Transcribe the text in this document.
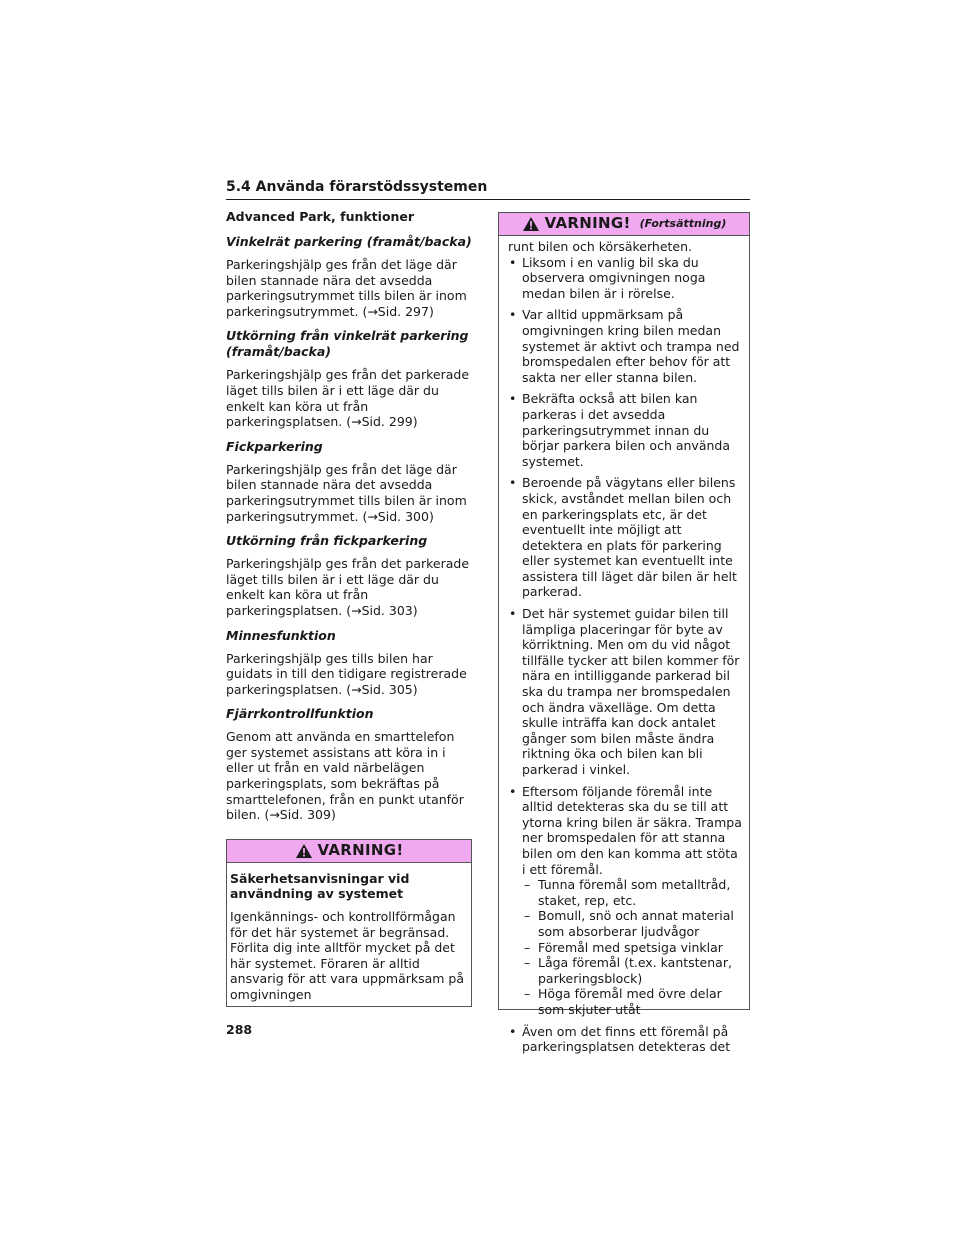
5.4 Använda förarstödssystemen
Advanced Park, funktioner
Vinkelrät parkering (framåt/backa)

Parkeringshjälp ges från det läge där bilen stannade nära det avsedda parkeringsutrymmet tills bilen är inom parkeringsutrymmet. (→Sid. 297)

Utkörning från vinkelrät parkering (framåt/backa)

Parkeringshjälp ges från det parkerade läget tills bilen är i ett läge där du enkelt kan köra ut från parkeringsplatsen. (→Sid. 299)

Fickparkering

Parkeringshjälp ges från det läge där bilen stannade nära det avsedda parkeringsutrymmet tills bilen är inom parkeringsutrymmet. (→Sid. 300)

Utkörning från fickparkering

Parkeringshjälp ges från det parkerade läget tills bilen är i ett läge där du enkelt kan köra ut från parkeringsplatsen. (→Sid. 303)

Minnesfunktion

Parkeringshjälp ges tills bilen har guidats in till den tidigare registrerade parkeringsplatsen. (→Sid. 305)

Fjärrkontrollfunktion

Genom att använda en smarttelefon ger systemet assistans att köra in i eller ut från en vald närbelägen parkeringsplats, som bekräftas på smarttelefonen, från en punkt utanför bilen. (→Sid. 309)

VARNING!
Säkerhetsanvisningar vid användning av systemet

Igenkännings- och kontrollförmågan för det här systemet är begränsad. Förlita dig inte alltför mycket på det här systemet. Föraren är alltid ansvarig för att vara uppmärksam på omgivningen

VARNING! (Fortsättning)

runt bilen och körsäkerheten.

• Liksom i en vanlig bil ska du observera omgivningen noga medan bilen är i rörelse.
• Var alltid uppmärksam på omgivningen kring bilen medan systemet är aktivt och trampa ned bromspedalen efter behov för att sakta ner eller stanna bilen.
• Bekräfta också att bilen kan parkeras i det avsedda parkeringsutrymmet innan du börjar parkera bilen och använda systemet.
• Beroende på vägytans eller bilens skick, avståndet mellan bilen och en parkeringsplats etc, är det eventuellt inte möjligt att detektera en plats för parkering eller systemet kan eventuellt inte assistera till läget där bilen är helt parkerad.
• Det här systemet guidar bilen till lämpliga placeringar för byte av körriktning. Men om du vid något tillfälle tycker att bilen kommer för nära en intilliggande parkerad bil ska du trampa ner bromspedalen och ändra växelläge. Om detta skulle inträffa kan dock antalet gånger som bilen måste ändra riktning öka och bilen kan bli parkerad i vinkel.
• Eftersom följande föremål inte alltid detekteras ska du se till att ytorna kring bilen är säkra. Trampa ner bromspedalen för att stanna bilen om den kan komma att stöta i ett föremål.
– Tunna föremål som metalltråd, staket, rep, etc.
– Bomull, snö och annat material som absorberar ljudvågor
– Föremål med spetsiga vinklar
– Låga föremål (t.ex. kantstenar, parkeringsblock)
– Höga föremål med övre delar som skjuter utåt
• Även om det finns ett föremål på parkeringsplatsen detekteras det
288
